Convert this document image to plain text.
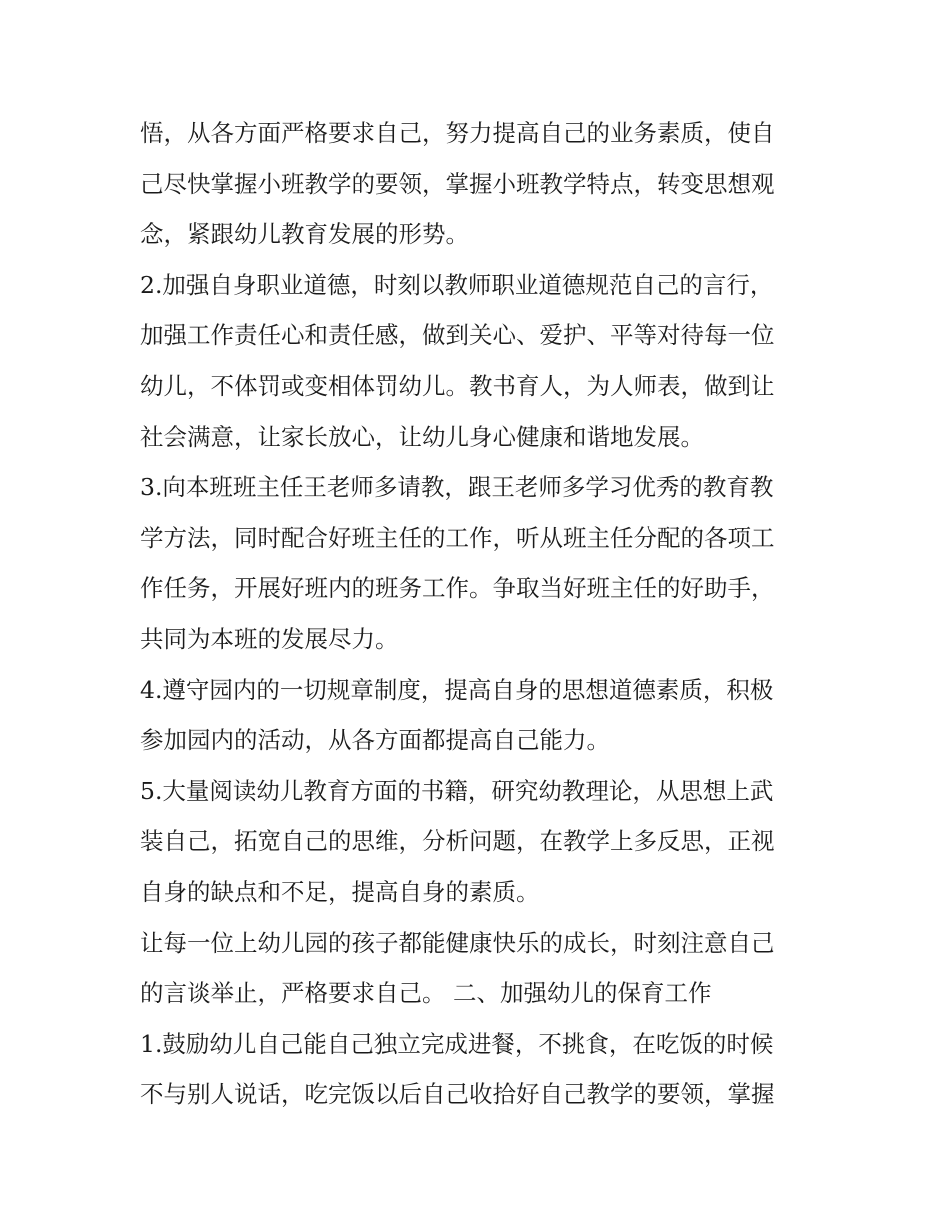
悟，从各方面严格要求自己，努力提高自己的业务素质，使自
己尽快掌握小班教学的要领，掌握小班教学特点，转变思想观
念，紧跟幼儿教育发展的形势。
2.加强自身职业道德，时刻以教师职业道德规范自己的言行，
加强工作责任心和责任感，做到关心、爱护、平等对待每一位
幼儿，不体罚或变相体罚幼儿。教书育人，为人师表，做到让
社会满意，让家长放心，让幼儿身心健康和谐地发展。
3.向本班班主任王老师多请教，跟王老师多学习优秀的教育教
学方法，同时配合好班主任的工作，听从班主任分配的各项工
作任务，开展好班内的班务工作。争取当好班主任的好助手，
共同为本班的发展尽力。
4.遵守园内的一切规章制度，提高自身的思想道德素质，积极
参加园内的活动，从各方面都提高自己能力。
5.大量阅读幼儿教育方面的书籍，研究幼教理论，从思想上武
装自己，拓宽自己的思维，分析问题，在教学上多反思，正视
自身的缺点和不足，提高自身的素质。
让每一位上幼儿园的孩子都能健康快乐的成长，时刻注意自己
的言谈举止，严格要求自己。 二、加强幼儿的保育工作
1.鼓励幼儿自己能自己独立完成进餐，不挑食，在吃饭的时候
不与别人说话，吃完饭以后自己收拾好自己教学的要领，掌握
